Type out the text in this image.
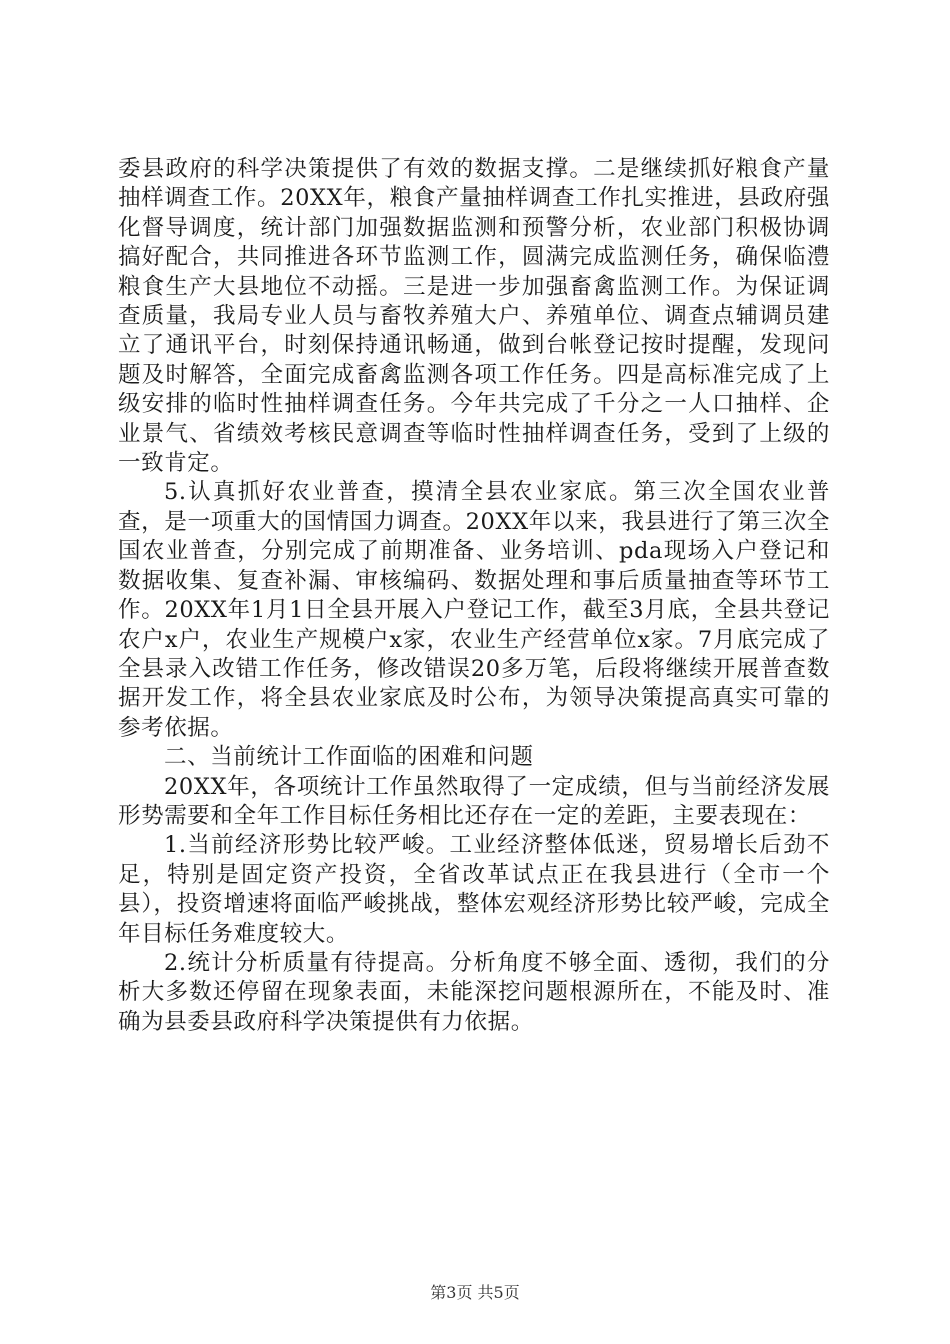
委县政府的科学决策提供了有效的数据支撑。二是继续抓好粮食产量抽样调查工作。20XX年，粮食产量抽样调查工作扎实推进，县政府强化督导调度，统计部门加强数据监测和预警分析，农业部门积极协调搞好配合，共同推进各环节监测工作，圆满完成监测任务，确保临澧粮食生产大县地位不动摇。三是进一步加强畜禽监测工作。为保证调查质量，我局专业人员与畜牧养殖大户、养殖单位、调查点辅调员建立了通讯平台，时刻保持通讯畅通，做到台帐登记按时提醒，发现问题及时解答，全面完成畜禽监测各项工作任务。四是高标准完成了上级安排的临时性抽样调查任务。今年共完成了千分之一人口抽样、企业景气、省绩效考核民意调查等临时性抽样调查任务，受到了上级的一致肯定。

5.认真抓好农业普查，摸清全县农业家底。第三次全国农业普查，是一项重大的国情国力调查。20XX年以来，我县进行了第三次全国农业普查，分别完成了前期准备、业务培训、pda现场入户登记和数据收集、复查补漏、审核编码、数据处理和事后质量抽查等环节工作。20XX年1月1日全县开展入户登记工作，截至3月底，全县共登记农户x户，农业生产规模户x家，农业生产经营单位x家。7月底完成了全县录入改错工作任务，修改错误20多万笔，后段将继续开展普查数据开发工作，将全县农业家底及时公布，为领导决策提高真实可靠的参考依据。

二、当前统计工作面临的困难和问题

20XX年，各项统计工作虽然取得了一定成绩，但与当前经济发展形势需要和全年工作目标任务相比还存在一定的差距，主要表现在：

1.当前经济形势比较严峻。工业经济整体低迷，贸易增长后劲不足，特别是固定资产投资，全省改革试点正在我县进行（全市一个县），投资增速将面临严峻挑战，整体宏观经济形势比较严峻，完成全年目标任务难度较大。

2.统计分析质量有待提高。分析角度不够全面、透彻，我们的分析大多数还停留在现象表面，未能深挖问题根源所在，不能及时、准确为县委县政府科学决策提供有力依据。

第3页 共5页
